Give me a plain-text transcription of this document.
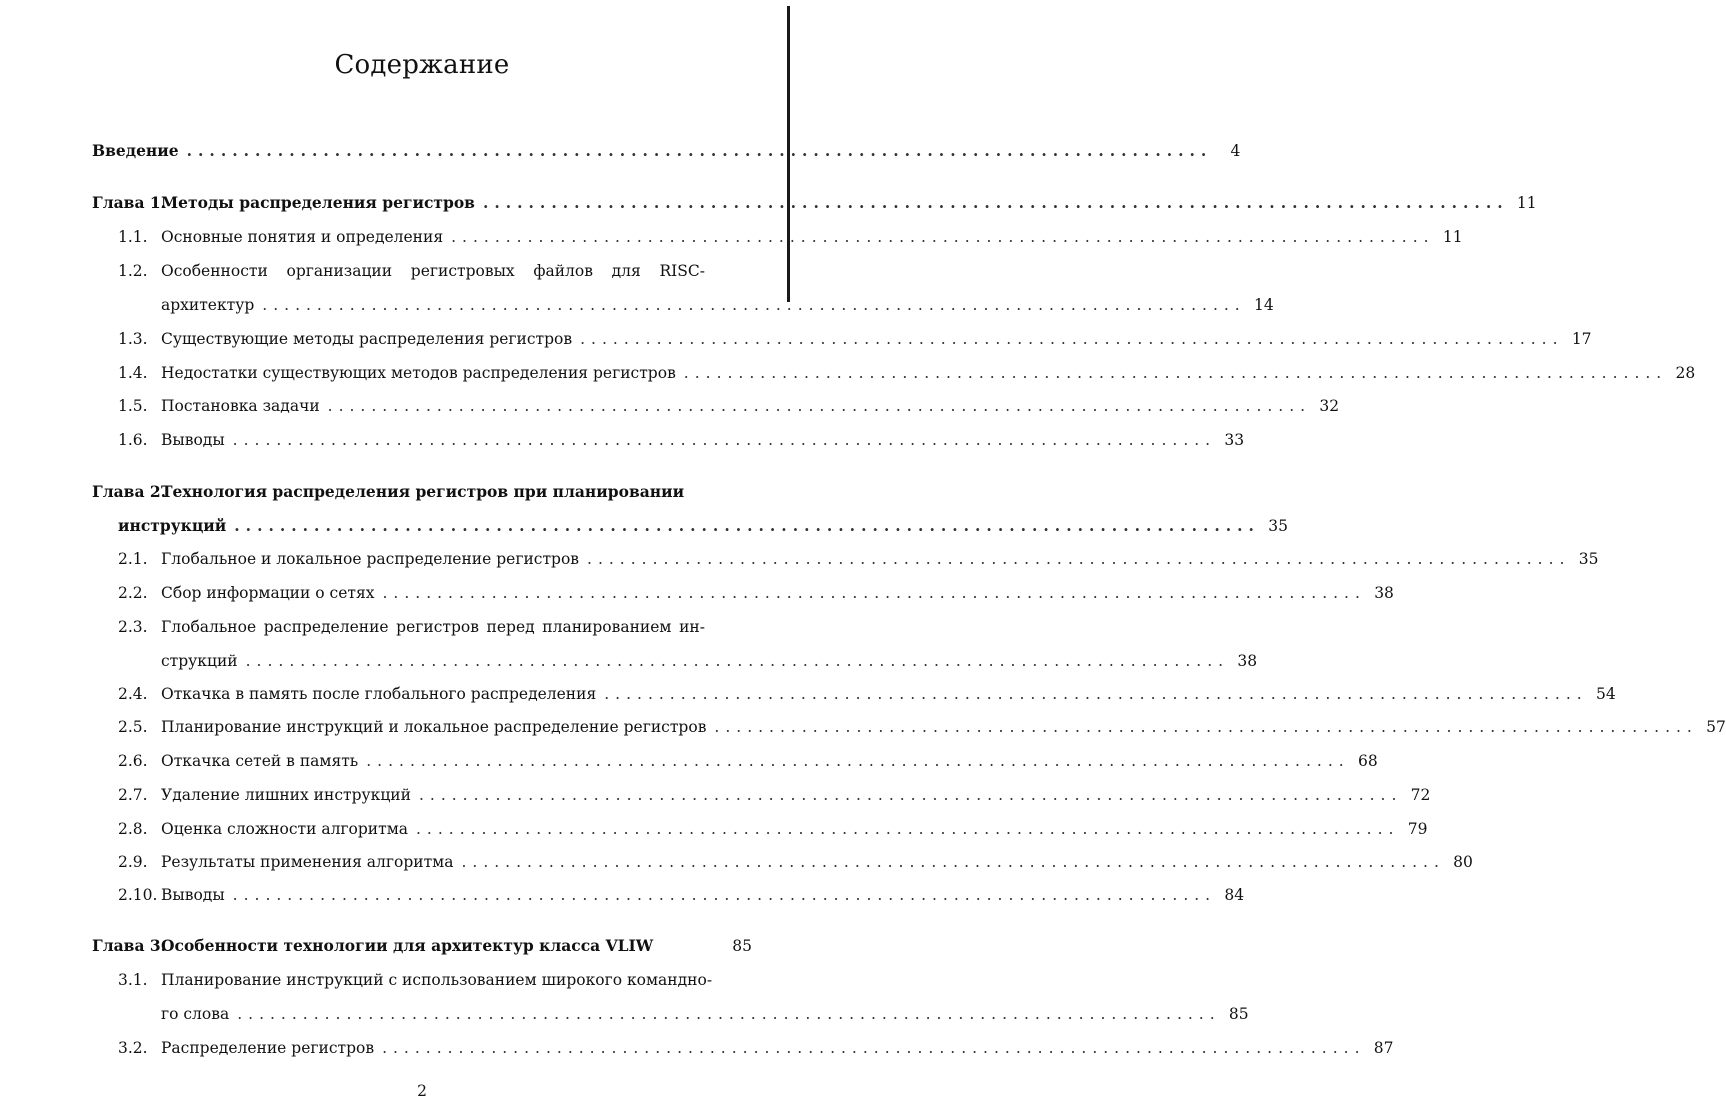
Содержание
Введение ..........................................................................................	4
Глава 1.
Методы распределения регистров .......................................................................................... 11
1.1. Основные понятия и определения .......................................................................................... 11
1.2. Особенности организации регистровых файлов для RISC-
архитектур .......................................................................................... 14
1.3. Существующие методы распределения регистров .......................................................................................... 17
1.4. Недостатки существующих методов распределения регистров .......................................................................................... 28
1.5. Постановка задачи .......................................................................................... 32
1.6. Выводы .......................................................................................... 33
Глава 2.
Технология распределения регистров при планировании
инструкций .......................................................................................... 35
2.1. Глобальное и локальное распределение регистров .......................................................................................... 35
2.2. Сбор информации о сетях .......................................................................................... 38
2.3. Глобальное распределение регистров перед планированием ин-
струкций .......................................................................................... 38
2.4. Откачка в память после глобального распределения .......................................................................................... 54
2.5. Планирование инструкций и локальное распределение регистров .......................................................................................... 57
2.6. Откачка сетей в память .......................................................................................... 68
2.7. Удаление лишних инструкций .......................................................................................... 72
2.8. Оценка сложности алгоритма .......................................................................................... 79
2.9. Результаты применения алгоритма .......................................................................................... 80
2.10. Выводы .......................................................................................... 84
Глава 3.
Особенности технологии для архитектур класса VLIW	85
3.1. Планирование инструкций с использованием широкого командно-
го слова .......................................................................................... 85
3.2. Распределение регистров .......................................................................................... 87
2
